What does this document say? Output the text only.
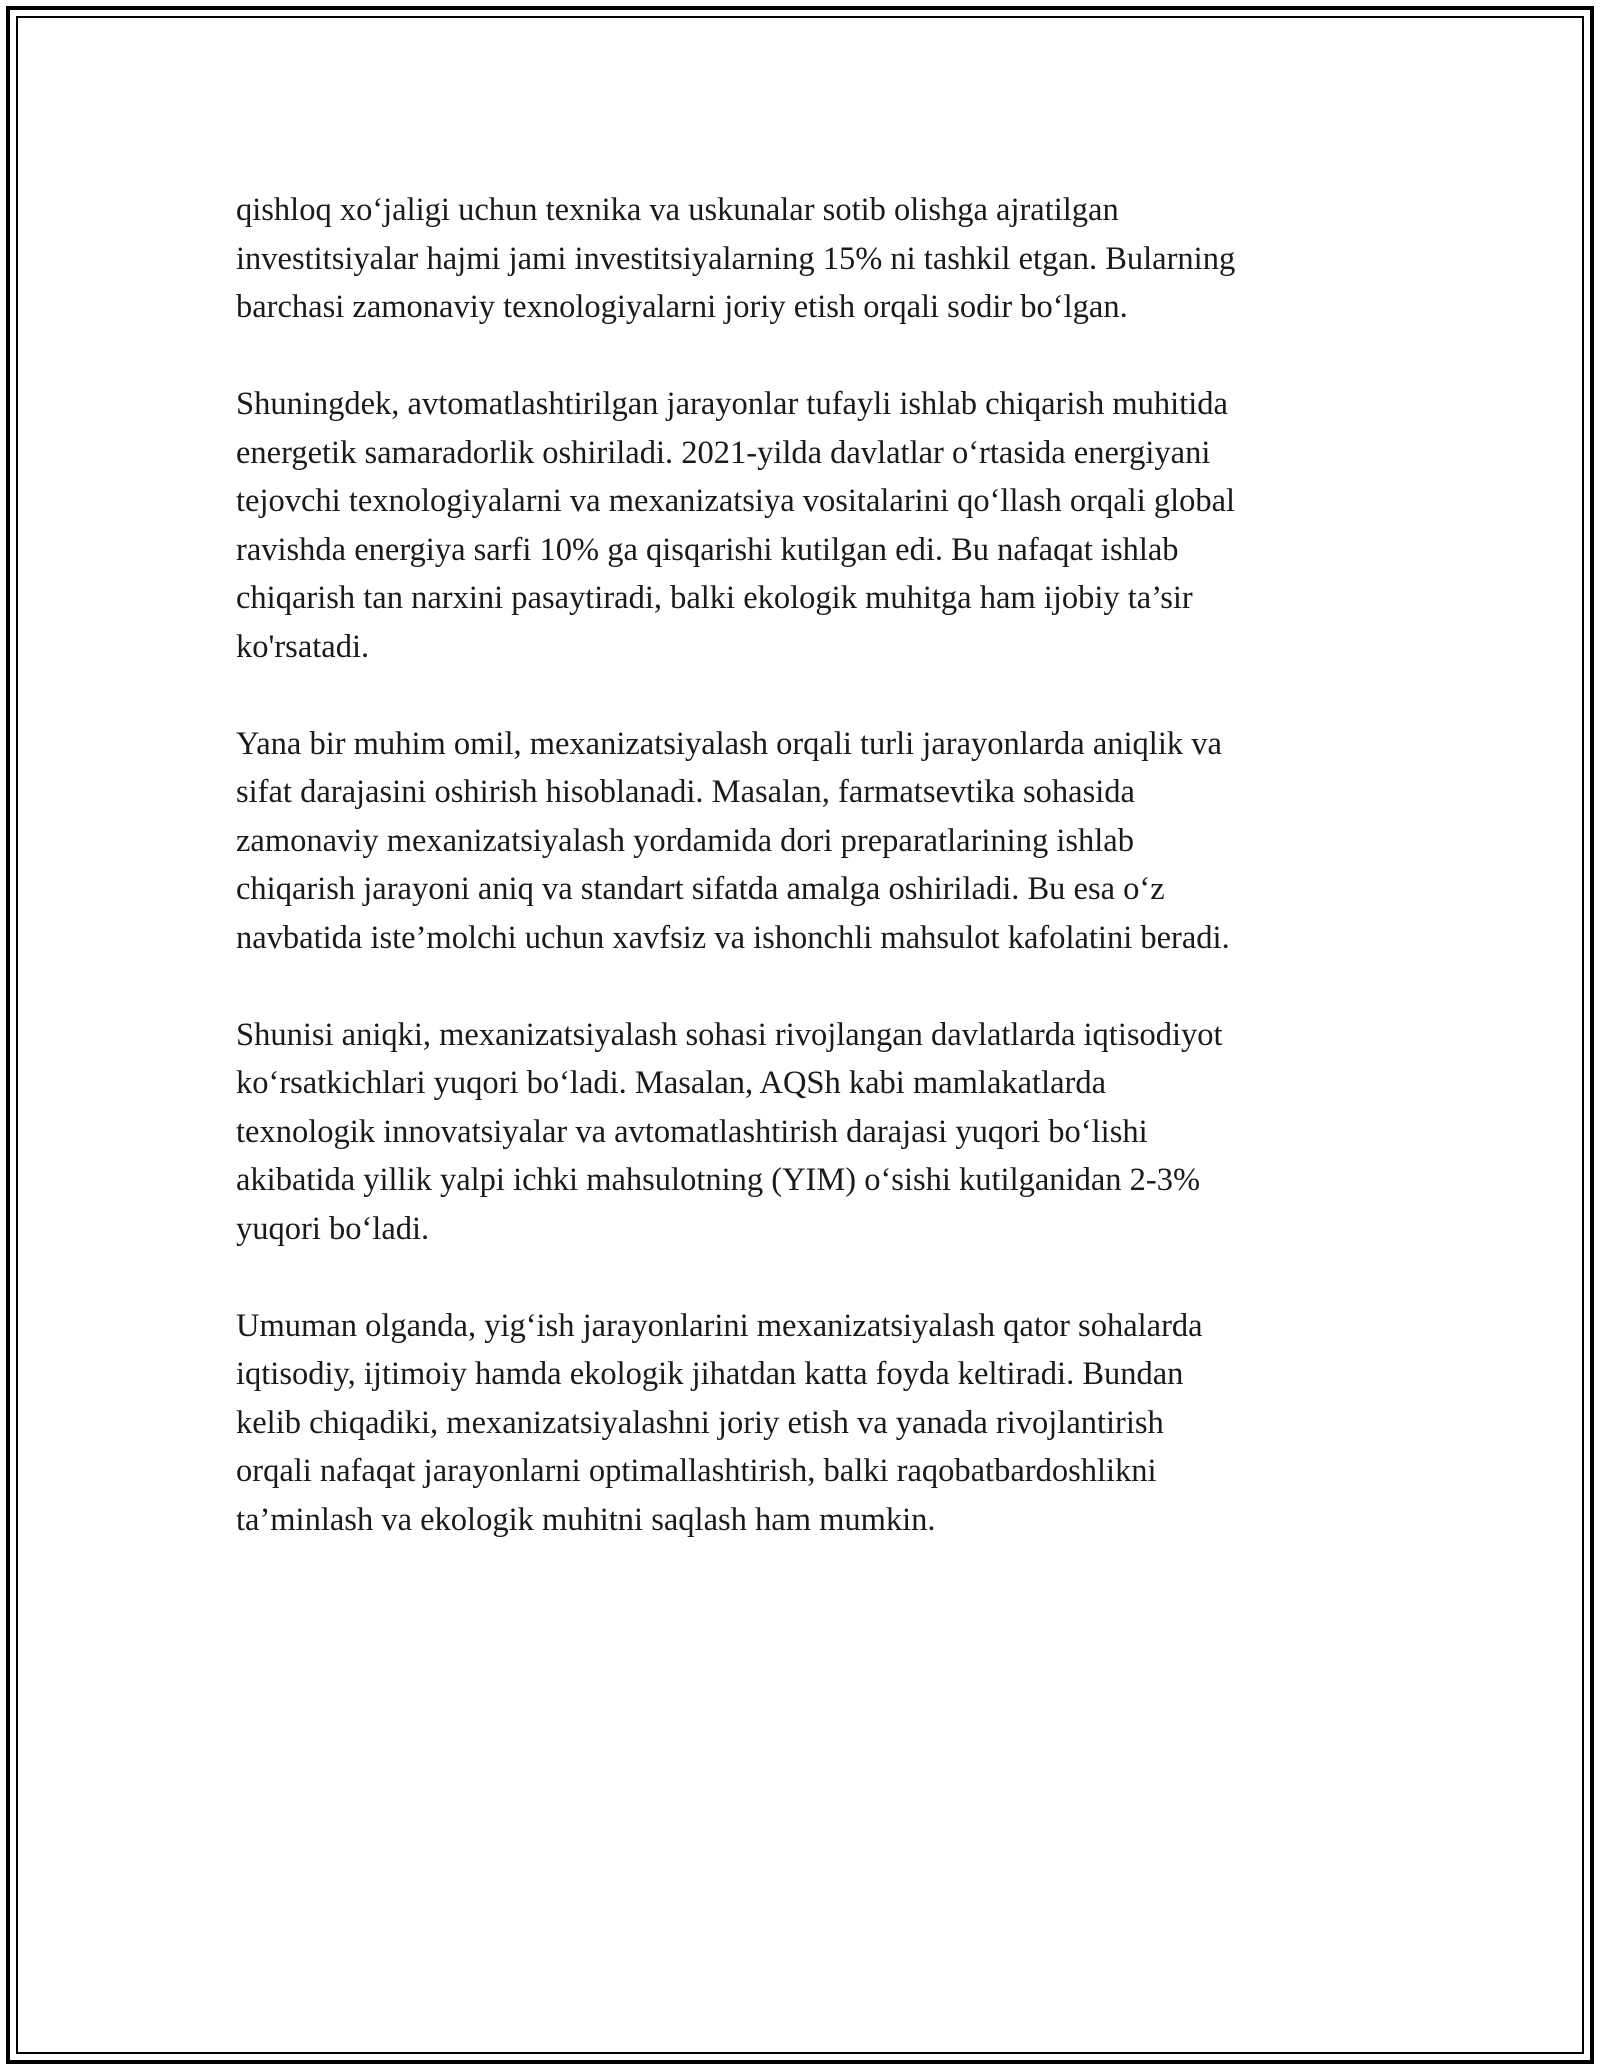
qishloq xo‘jaligi uchun texnika va uskunalar sotib olishga ajratilgan
investitsiyalar hajmi jami investitsiyalarning 15% ni tashkil etgan. Bularning
barchasi zamonaviy texnologiyalarni joriy etish orqali sodir bo‘lgan.

Shuningdek, avtomatlashtirilgan jarayonlar tufayli ishlab chiqarish muhitida
energetik samaradorlik oshiriladi. 2021-yilda davlatlar o‘rtasida energiyani
tejovchi texnologiyalarni va mexanizatsiya vositalarini qo‘llash orqali global
ravishda energiya sarfi 10% ga qisqarishi kutilgan edi. Bu nafaqat ishlab
chiqarish tan narxini pasaytiradi, balki ekologik muhitga ham ijobiy ta’sir
ko'rsatadi.

Yana bir muhim omil, mexanizatsiyalash orqali turli jarayonlarda aniqlik va
sifat darajasini oshirish hisoblanadi. Masalan, farmatsevtika sohasida
zamonaviy mexanizatsiyalash yordamida dori preparatlarining ishlab
chiqarish jarayoni aniq va standart sifatda amalga oshiriladi. Bu esa o‘z
navbatida iste’molchi uchun xavfsiz va ishonchli mahsulot kafolatini beradi.

Shunisi aniqki, mexanizatsiyalash sohasi rivojlangan davlatlarda iqtisodiyot
ko‘rsatkichlari yuqori bo‘ladi. Masalan, AQSh kabi mamlakatlarda
texnologik innovatsiyalar va avtomatlashtirish darajasi yuqori bo‘lishi
akibatida yillik yalpi ichki mahsulotning (YIM) o‘sishi kutilganidan 2-3%
yuqori bo‘ladi.

Umuman olganda, yig‘ish jarayonlarini mexanizatsiyalash qator sohalarda
iqtisodiy, ijtimoiy hamda ekologik jihatdan katta foyda keltiradi. Bundan
kelib chiqadiki, mexanizatsiyalashni joriy etish va yanada rivojlantirish
orqali nafaqat jarayonlarni optimallashtirish, balki raqobatbardoshlikni
ta’minlash va ekologik muhitni saqlash ham mumkin.
